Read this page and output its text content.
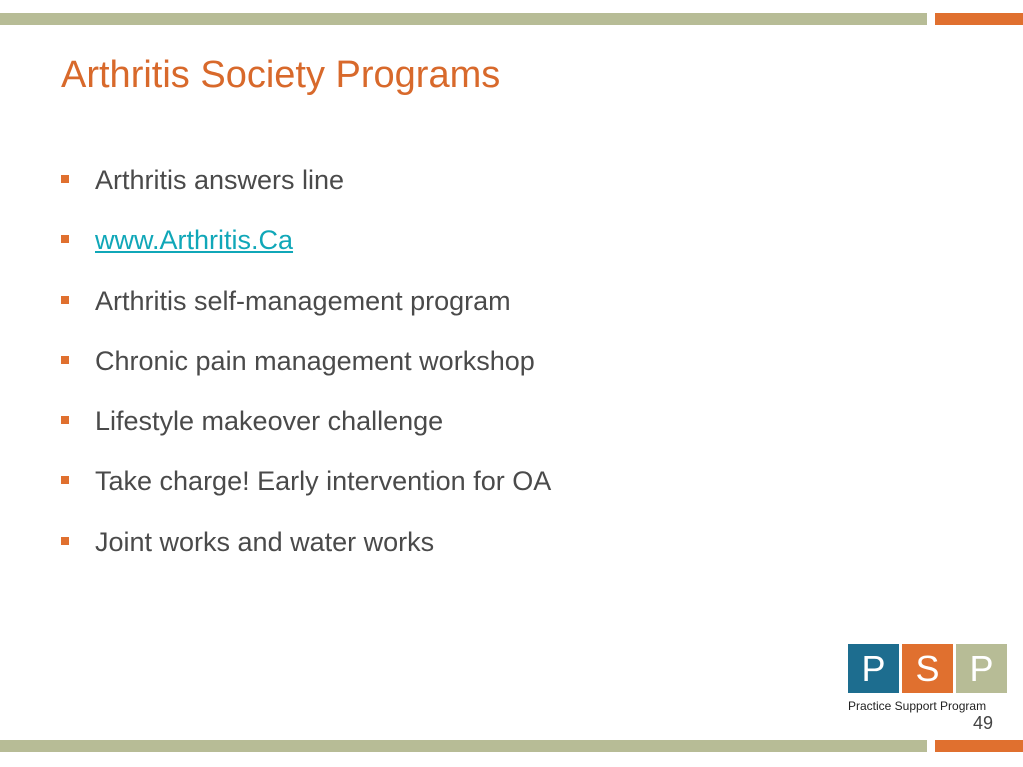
Arthritis Society Programs
Arthritis answers line
www.Arthritis.Ca
Arthritis self-management program
Chronic pain management workshop
Lifestyle makeover challenge
Take charge! Early intervention for OA
Joint works and water works
P S P
Practice Support Program
49
